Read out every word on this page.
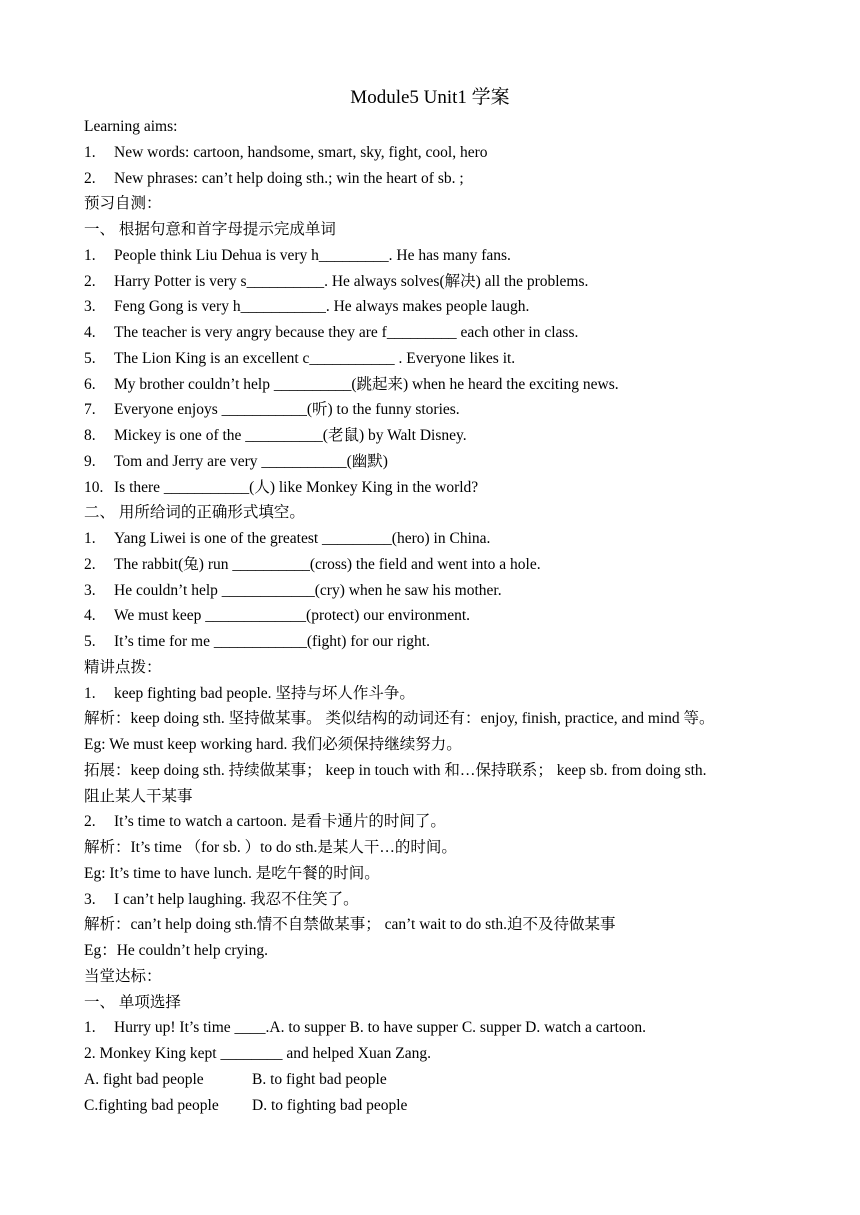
Module5 Unit1 学案
Learning aims:
1.	New words: cartoon, handsome, smart, sky, fight, cool, hero
2.	New phrases: can’t help doing sth.; win the heart of sb. ;
预习自测：
一、 根据句意和首字母提示完成单词
1.	People think Liu Dehua is very h_________. He has many fans.
2.	Harry Potter is very s__________. He always solves(解决) all the problems.
3.	Feng Gong is very h___________. He always makes people laugh.
4.	The teacher is very angry because they are f_________ each other in class.
5.	The Lion King is an excellent c___________ . Everyone likes it.
6.	My brother couldn’t help __________(跳起来) when he heard the exciting news.
7.	Everyone enjoys ___________(听) to the funny stories.
8.	Mickey is one of the __________(老鼠) by Walt Disney.
9.	Tom and Jerry are very ___________(幽默)
10. Is there ___________(人) like Monkey King in the world?
二、 用所给词的正确形式填空。
1.	Yang Liwei is one of the greatest _________(hero) in China.
2.	The rabbit(兔) run __________(cross) the field and went into a hole.
3.	He couldn’t help ____________(cry) when he saw his mother.
4.	We must keep _____________(protect) our environment.
5.	It’s time for me ____________(fight) for our right.
精讲点拨：
1.	keep fighting bad people. 坚持与坏人作斗争。
解析：keep doing sth. 坚持做某事。 类似结构的动词还有：enjoy, finish, practice, and mind 等。
Eg: We must keep working hard. 我们必须保持继续努力。
拓展：keep doing sth. 持续做某事； keep in touch with 和…保持联系； keep sb. from doing sth.
阻止某人干某事
2.	It’s time to watch a cartoon. 是看卡通片的时间了。
解析：It’s time （for sb. ）to do sth.是某人干…的时间。
Eg: It’s time to have lunch. 是吃午餐的时间。
3.	I can’t help laughing. 我忍不住笑了。
解析：can’t help doing sth.情不自禁做某事； can’t wait to do sth.迫不及待做某事
Eg：He couldn’t help crying.
当堂达标：
一、 单项选择
1.	Hurry up! It’s time ____.A. to supper B. to have supper C. supper D. watch a cartoon.
2. Monkey King kept ________ and helped Xuan Zang.
A. fight bad people	B. to fight bad people
C.fighting bad people	D. to fighting bad people
